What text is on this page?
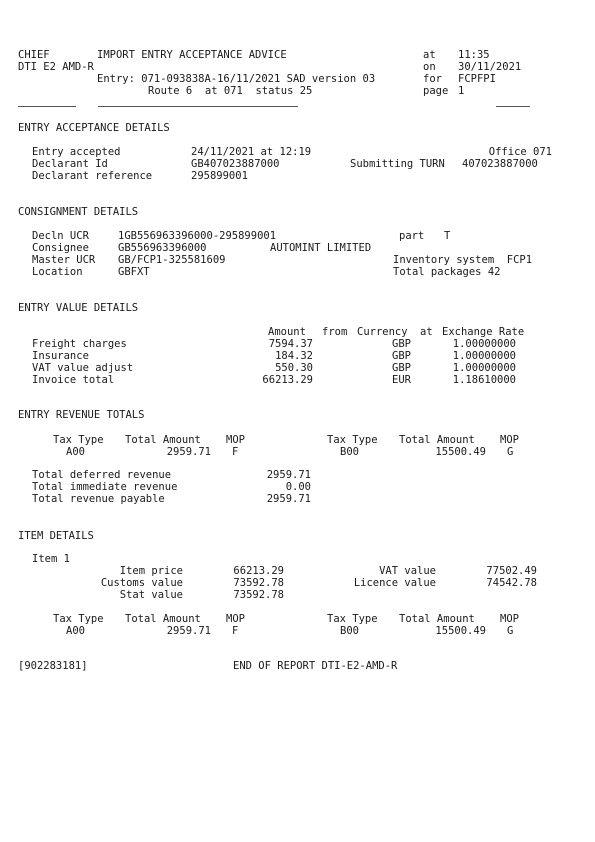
CHIEF	IMPORT ENTRY ACCEPTANCE ADVICE	at 11:35
DTI E2 AMD-R	on 30/11/2021
Entry: 071-093838A-16/11/2021 SAD version 03	for FCPFPI
Route 6  at 071  status 25	page 1
ENTRY ACCEPTANCE DETAILS
Entry accepted	24/11/2021 at 12:19	Office 071
Declarant Id	GB407023887000	Submitting TURN 407023887000
Declarant reference	295899001
CONSIGNMENT DETAILS
Decln UCR	1GB556963396000-295899001	part T
Consignee	GB556963396000	AUTOMINT LIMITED
Master UCR GB/FCP1-325581609	Inventory system  FCP1
Location	GBFXT	Total packages 42
ENTRY VALUE DETAILS
Amount from Currency at Exchange Rate
Freight charges	7594.37	GBP	1.00000000
Insurance	184.32	GBP	1.00000000
VAT value adjust	550.30	GBP	1.00000000
Invoice total	66213.29	EUR	1.18610000
ENTRY REVENUE TOTALS
Tax Type Total Amount MOP	Tax Type Total Amount MOP
A00	2959.71 F	B00	15500.49 G
Total deferred revenue	2959.71
Total immediate revenue	0.00
Total revenue payable	2959.71
ITEM DETAILS
Item 1
Item price	66213.29	VAT value	77502.49
Customs value	73592.78	Licence value	74542.78
Stat value	73592.78
Tax Type Total Amount MOP	Tax Type Total Amount MOP
A00	2959.71 F	B00	15500.49 G
[902283181]	END OF REPORT DTI-E2-AMD-R
